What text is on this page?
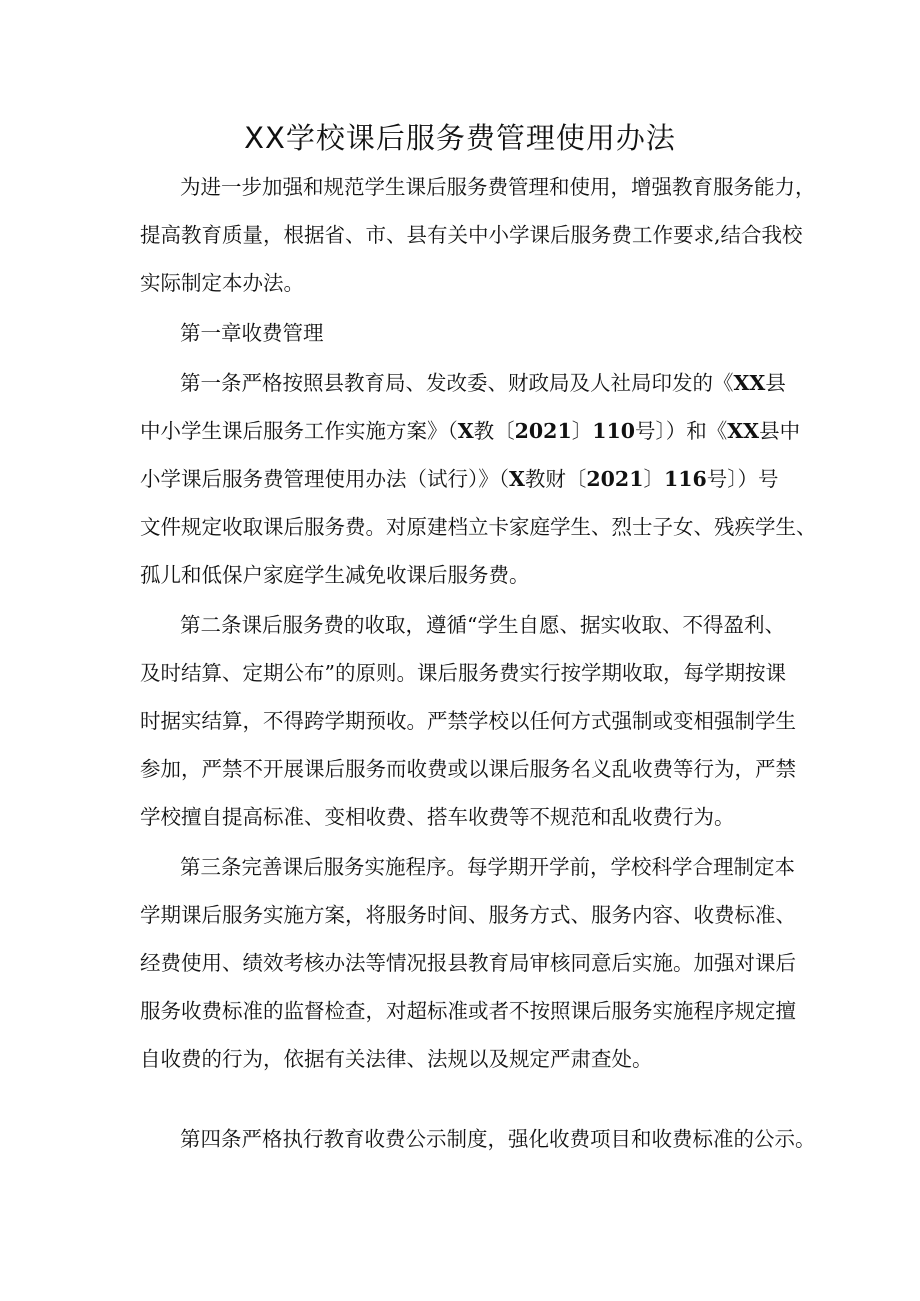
XX学校课后服务费管理使用办法

为进一步加强和规范学生课后服务费管理和使用，增强教育服务能力，

提高教育质量，根据省、市、县有关中小学课后服务费工作要求,结合我校

实际制定本办法。

第一章收费管理

第一条严格按照县教育局、发改委、财政局及人社局印发的《XX县

中小学生课后服务工作实施方案》（X教〔2021〕110号〕）和《XX县中

小学课后服务费管理使用办法（试行）》（X教财〔2021〕116号〕）号

文件规定收取课后服务费。对原建档立卡家庭学生、烈士子女、残疾学生、

孤儿和低保户家庭学生减免收课后服务费。

第二条课后服务费的收取，遵循“学生自愿、据实收取、不得盈利、

及时结算、定期公布”的原则。课后服务费实行按学期收取，每学期按课

时据实结算，不得跨学期预收。严禁学校以任何方式强制或变相强制学生

参加，严禁不开展课后服务而收费或以课后服务名义乱收费等行为，严禁

学校擅自提高标准、变相收费、搭车收费等不规范和乱收费行为。

第三条完善课后服务实施程序。每学期开学前，学校科学合理制定本

学期课后服务实施方案，将服务时间、服务方式、服务内容、收费标准、

经费使用、绩效考核办法等情况报县教育局审核同意后实施。加强对课后

服务收费标准的监督检查，对超标准或者不按照课后服务实施程序规定擅

自收费的行为，依据有关法律、法规以及规定严肃查处。

第四条严格执行教育收费公示制度，强化收费项目和收费标准的公示。
